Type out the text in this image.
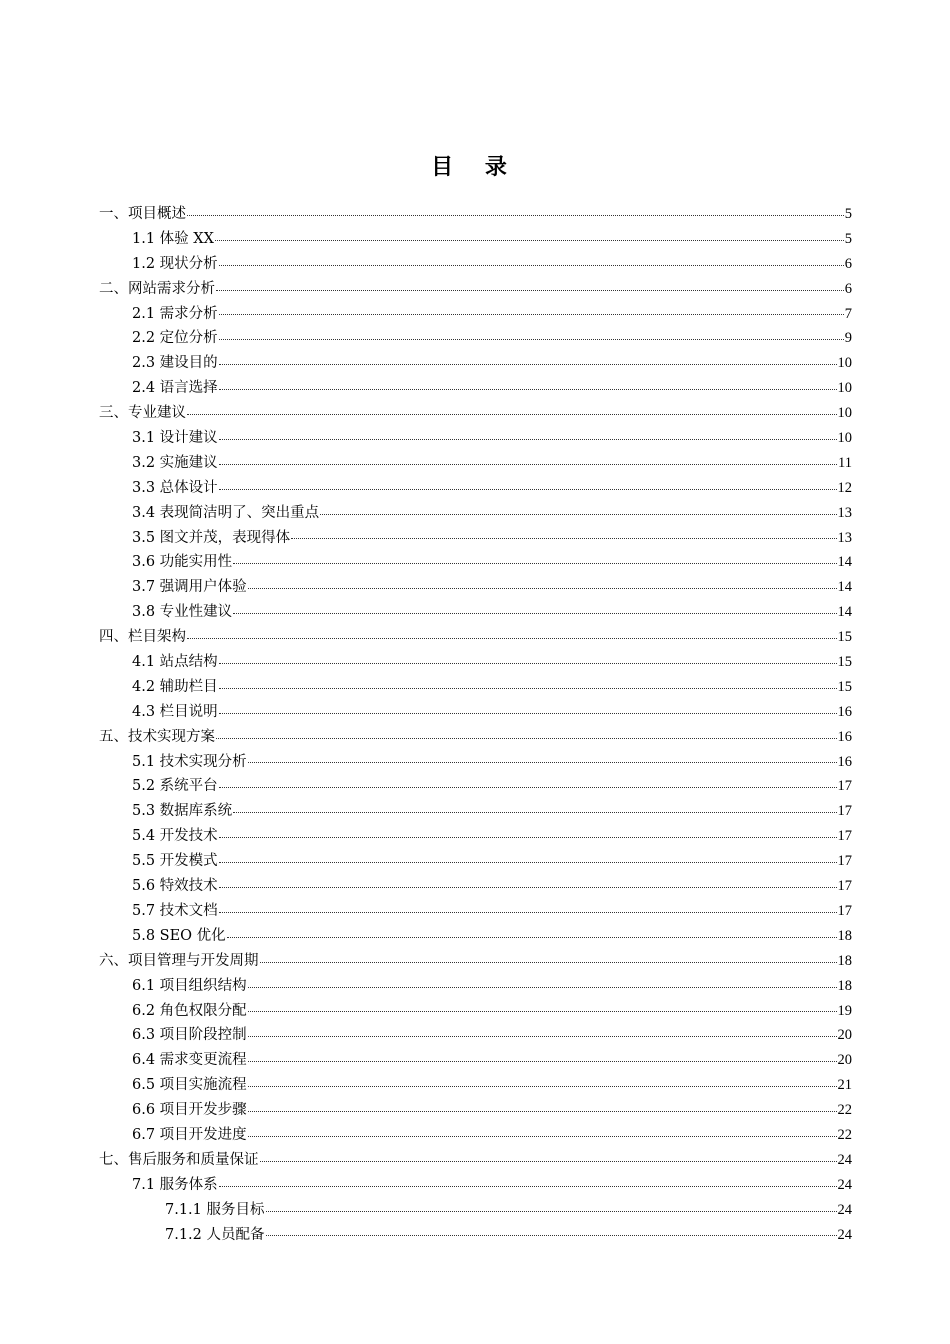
目 录
一、项目概述	5
1.1 体验 XX	5
1.2 现状分析	6
二、网站需求分析	6
2.1 需求分析	7
2.2 定位分析	9
2.3 建设目的	10
2.4 语言选择	10
三、专业建议	10
3.1 设计建议	10
3.2 实施建议	11
3.3 总体设计	12
3.4 表现简洁明了、突出重点	13
3.5 图文并茂，表现得体	13
3.6 功能实用性	14
3.7 强调用户体验	14
3.8 专业性建议	14
四、栏目架构	15
4.1 站点结构	15
4.2 辅助栏目	15
4.3 栏目说明	16
五、技术实现方案	16
5.1 技术实现分析	16
5.2 系统平台	17
5.3 数据库系统	17
5.4 开发技术	17
5.5 开发模式	17
5.6 特效技术	17
5.7 技术文档	17
5.8 SEO 优化	18
六、项目管理与开发周期	18
6.1 项目组织结构	18
6.2 角色权限分配	19
6.3 项目阶段控制	20
6.4 需求变更流程	20
6.5 项目实施流程	21
6.6 项目开发步骤	22
6.7 项目开发进度	22
七、售后服务和质量保证	24
7.1 服务体系	24
7.1.1 服务目标	24
7.1.2 人员配备	24
